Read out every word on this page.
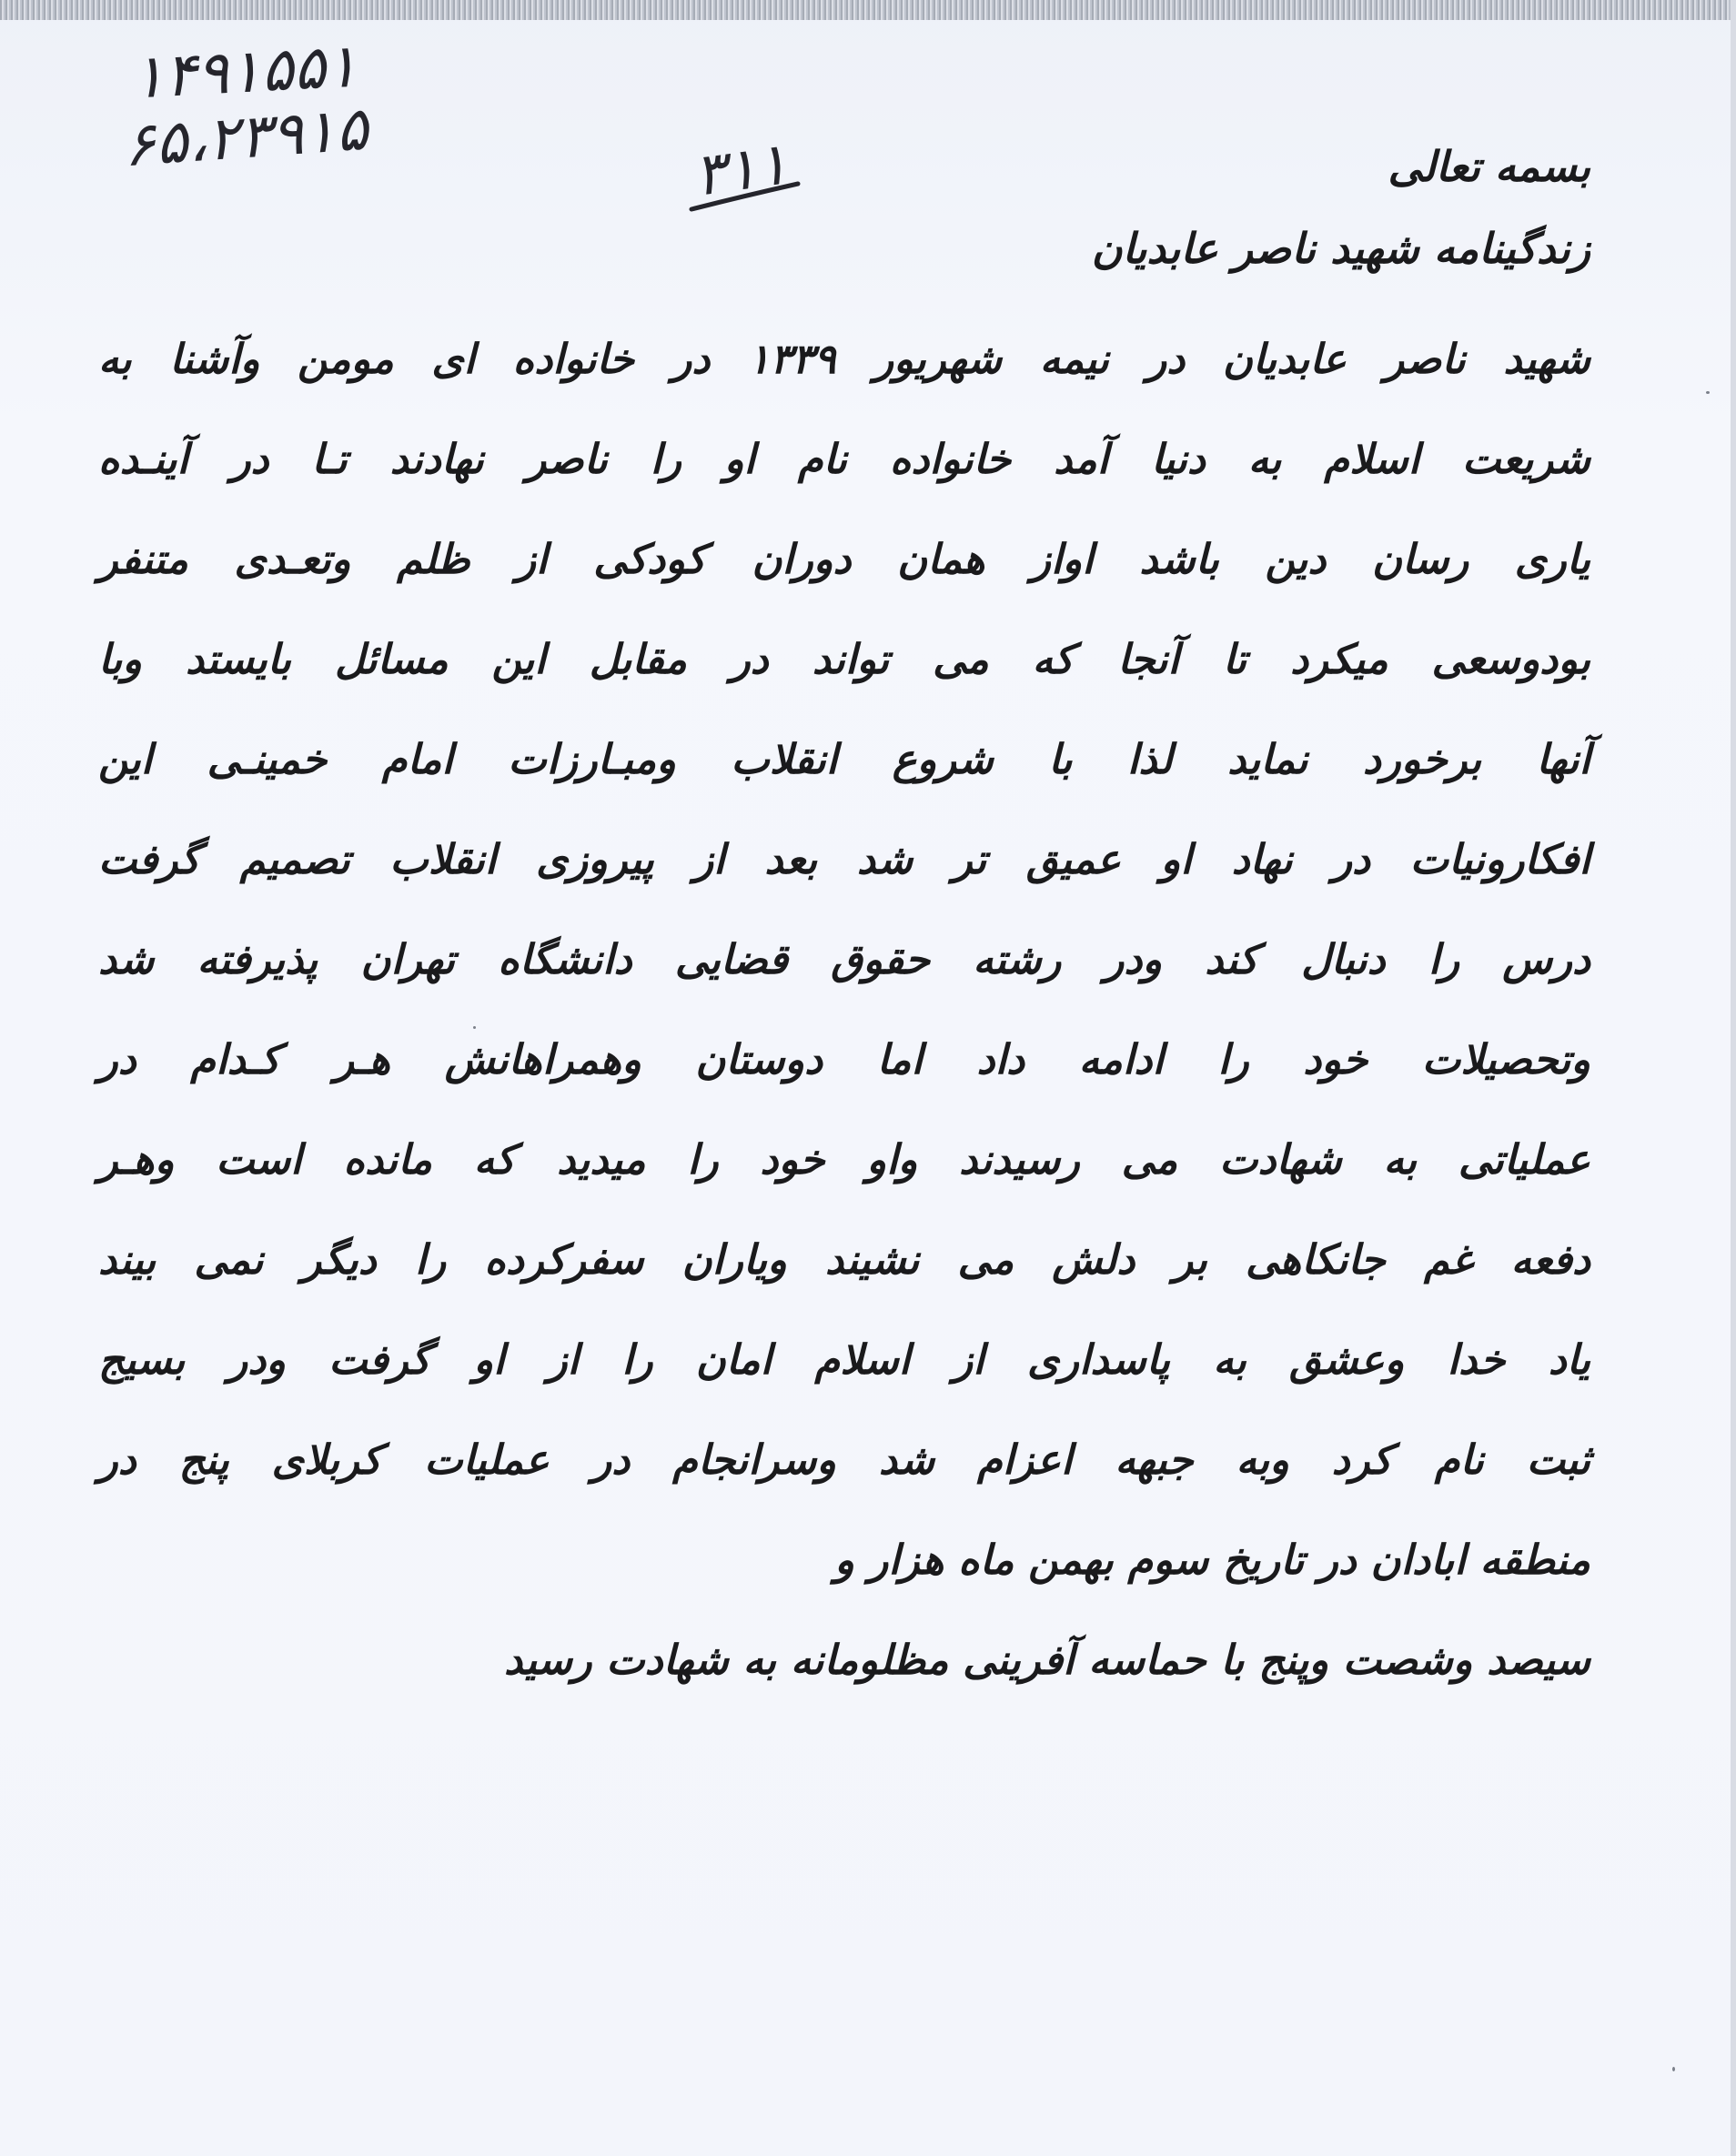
۱۴۹۱۵۵۱
۶۵،۲۳۹۱۵	۳۱۱	بسمه تعالی
زندگینامه شهید ناصر عابدیان
شهید ناصر عابدیان در نیمه شهریور ۱۳۳۹ در خانواده ای مومن وآشنا به
شریعت اسلام به دنیا آمد خانواده نام او را ناصر نهادند تـا در آینـده
یاری رسان دین باشد اواز همان دوران کودکی از ظلم وتعـدی متنفر
بودوسعی میکرد تا آنجا که می تواند در مقابل این مسائل بایستد وبا
آنها برخورد نماید لذا با شروع انقلاب ومبـارزات امام خمینـی این
افکارونیات در نهاد او عمیق تر شد بعد از پیروزی انقلاب تصمیم گرفت
درس را دنبال کند ودر رشته حقوق قضایی دانشگاه تهران پذیرفته شد
وتحصیلات خود را ادامه داد اما دوستان وهمراهانش هـر کـدام در
عملیاتی به شهادت می رسیدند واو خود را میدید که مانده است وهـر
دفعه غم جانکاهی بر دلش می نشیند ویاران سفرکرده را دیگر نمی بیند
یاد خدا وعشق به پاسداری از اسلام امان را از او گرفت ودر بسیج
ثبت نام کرد وبه جبهه اعزام شد وسرانجام در عملیات کربلای پنج در
منطقه ابادان در تاریخ سوم بهمن ماه هزار و
سیصد وشصت وپنج با حماسه آفرینی مظلومانه به شهادت رسید
